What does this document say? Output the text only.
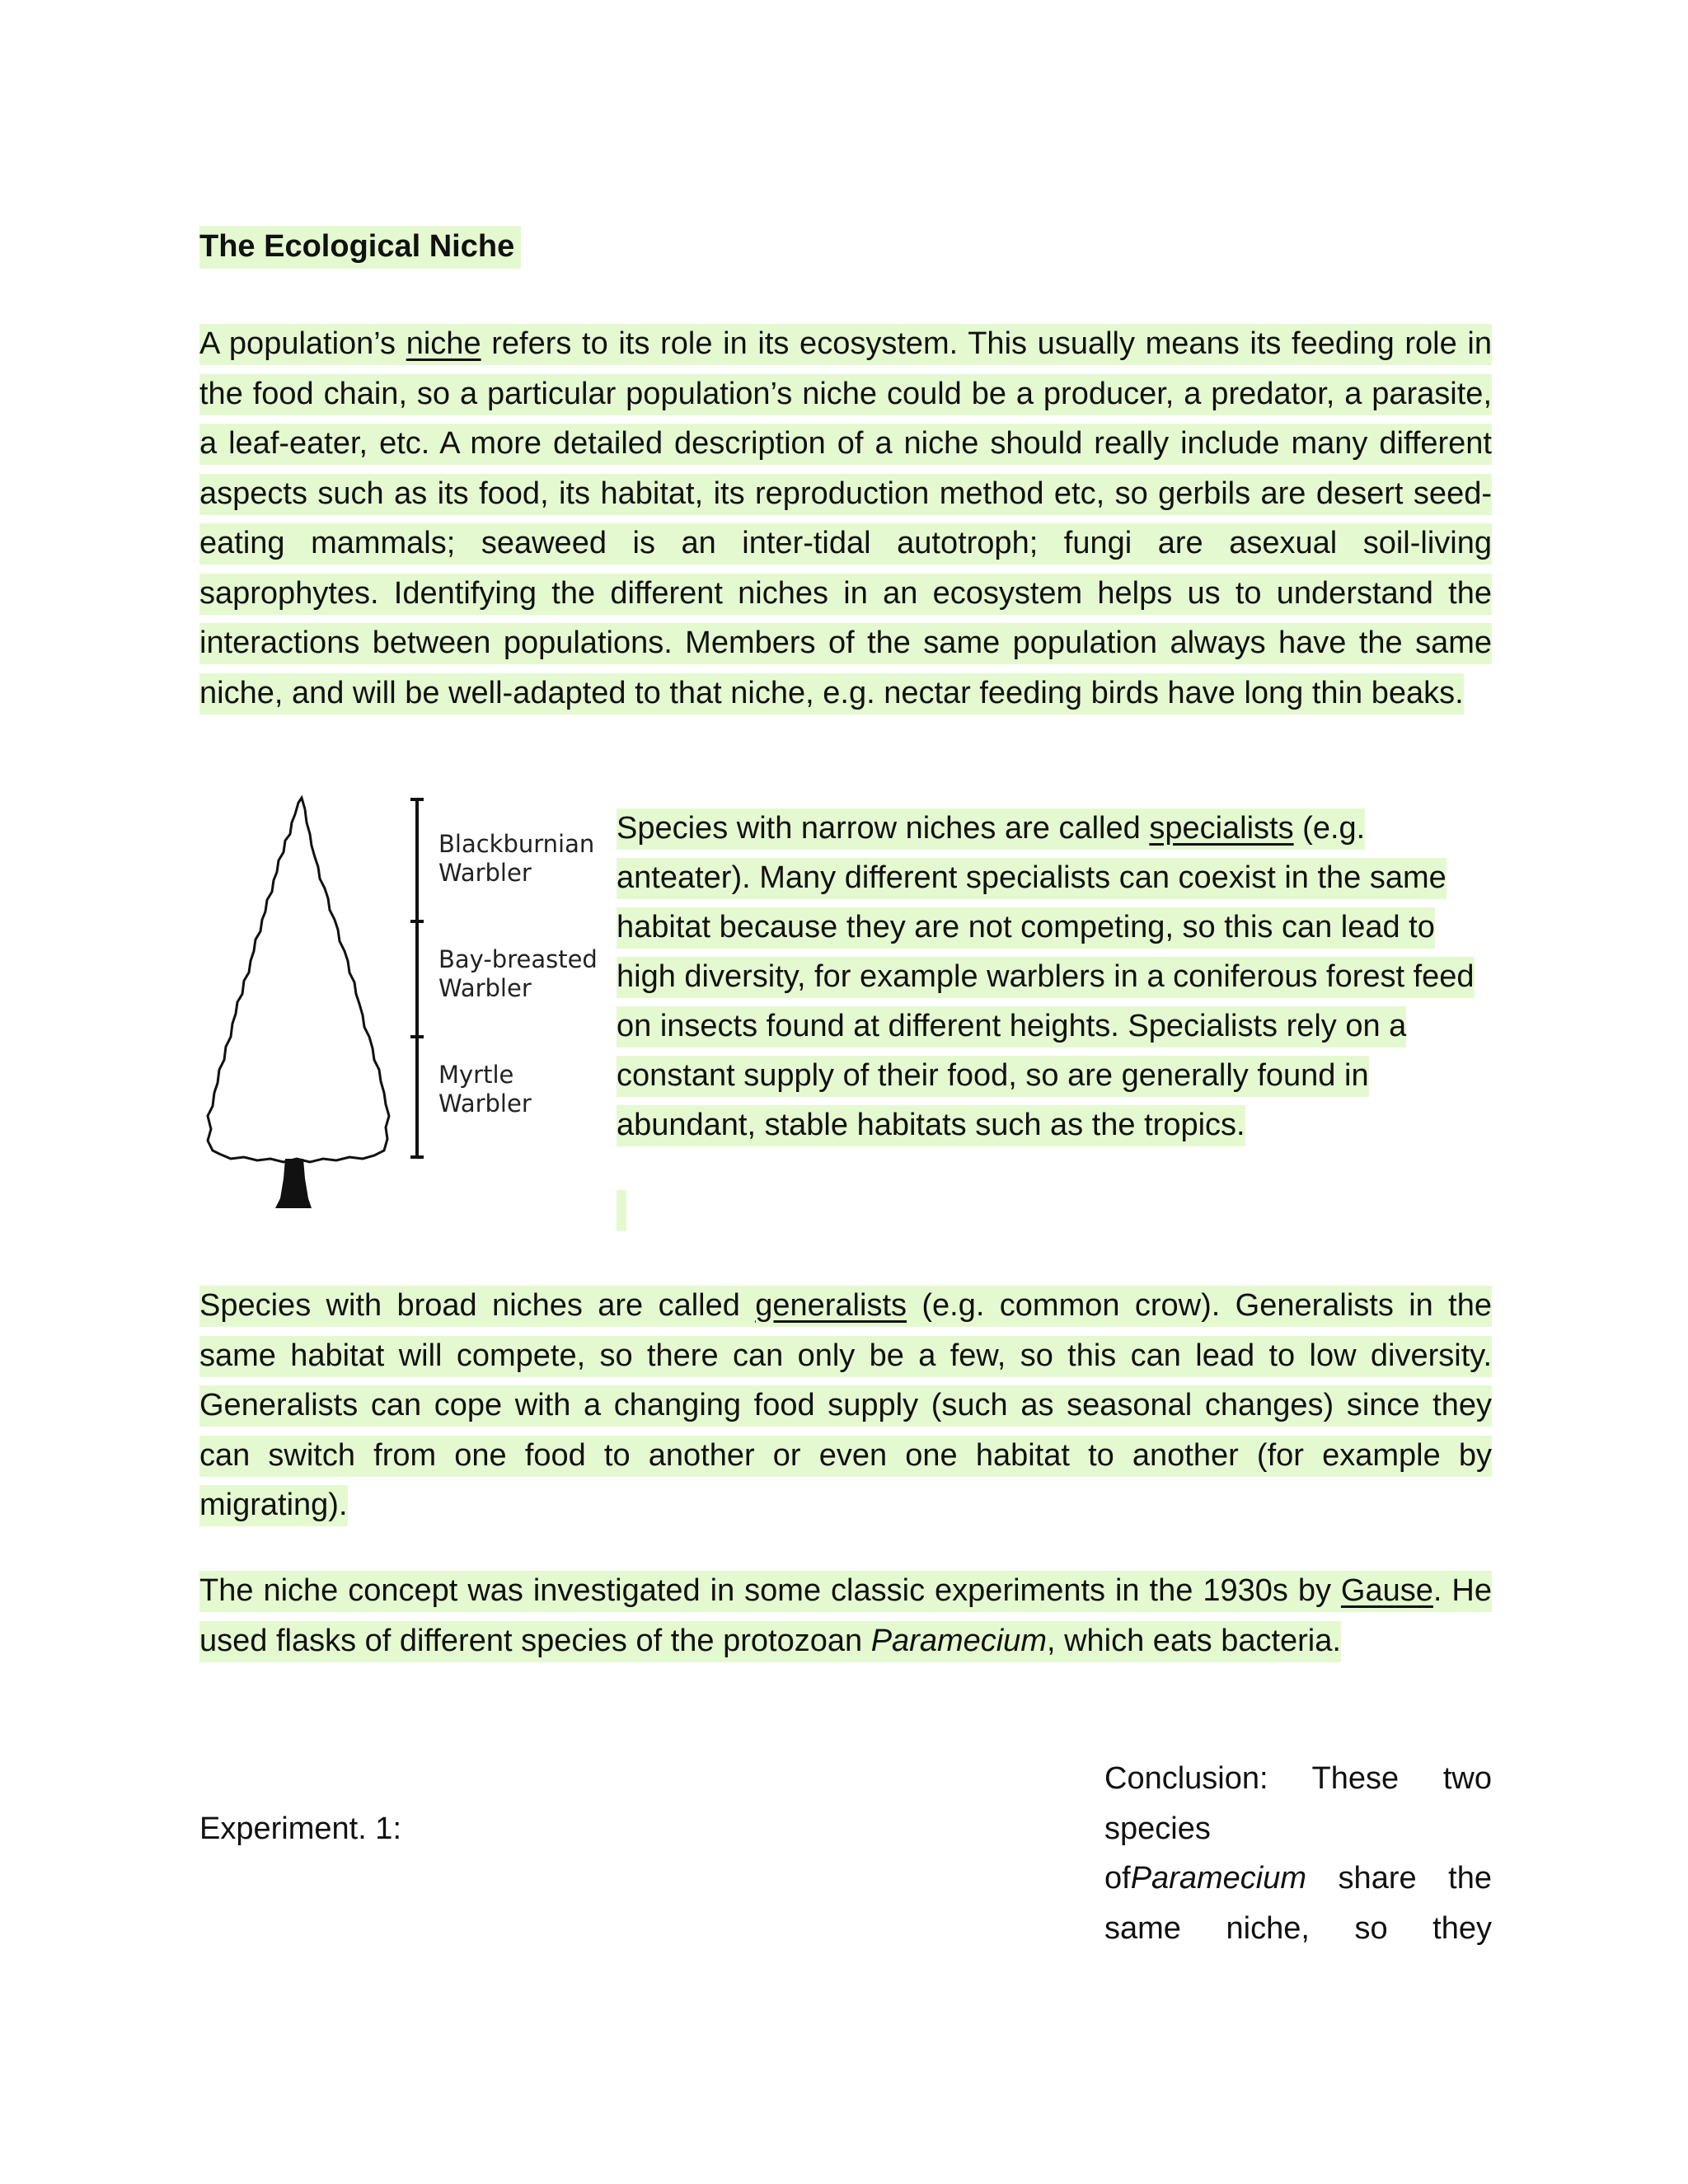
The Ecological Niche

A population’s niche refers to its role in its ecosystem. This usually means its feeding role in the food chain, so a particular population’s niche could be a producer, a predator, a parasite, a leaf-eater, etc. A more detailed description of a niche should really include many different aspects such as its food, its habitat, its reproduction method etc, so gerbils are desert seed-eating mammals; seaweed is an inter-tidal autotroph; fungi are asexual soil-living saprophytes. Identifying the different niches in an ecosystem helps us to understand the interactions between populations. Members of the same population always have the same niche, and will be well-adapted to that niche, e.g. nectar feeding birds have long thin beaks.

Blackburnian
Warbler
Bay-breasted
Warbler
Myrtle
Warbler

Species with narrow niches are called specialists (e.g. anteater). Many different specialists can coexist in the same habitat because they are not competing, so this can lead to high diversity, for example warblers in a coniferous forest feed on insects found at different heights. Specialists rely on a constant supply of their food, so are generally found in abundant, stable habitats such as the tropics.

Species with broad niches are called generalists (e.g. common crow). Generalists in the same habitat will compete, so there can only be a few, so this can lead to low diversity. Generalists can cope with a changing food supply (such as seasonal changes) since they can switch from one food to another or even one habitat to another (for example by migrating).

The niche concept was investigated in some classic experiments in the 1930s by Gause. He used flasks of different species of the protozoan Paramecium, which eats bacteria.

Experiment. 1:

Conclusion: These two
species
ofParamecium share the
same niche, so they
